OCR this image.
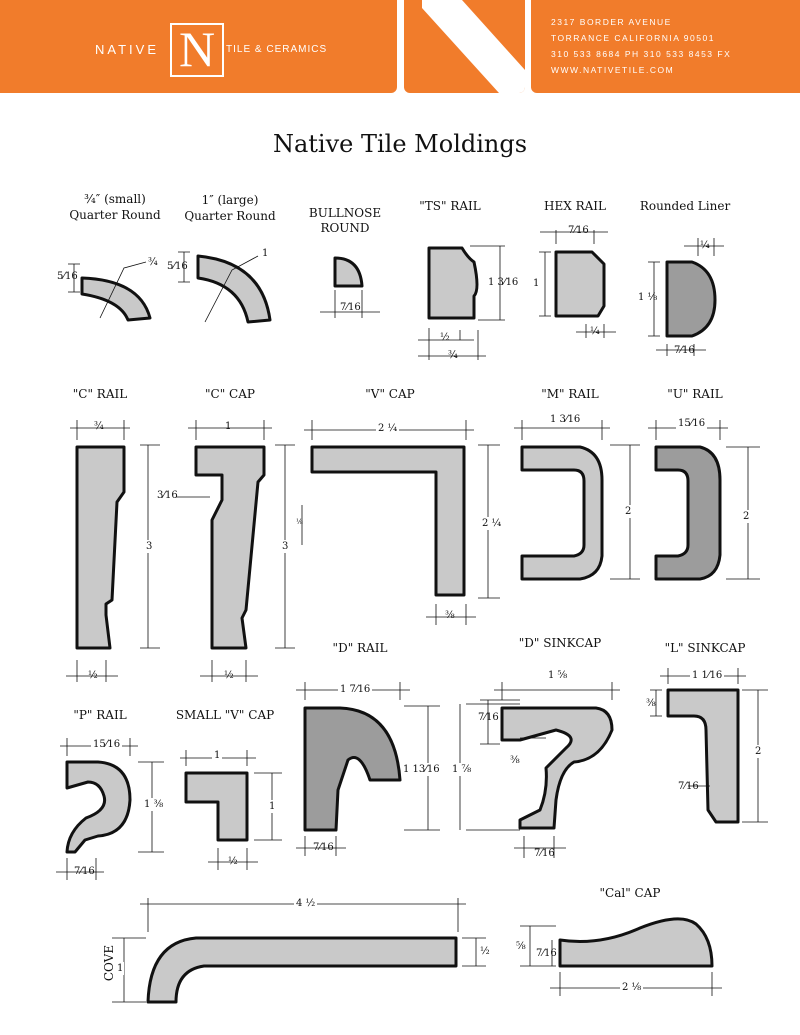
NATIVE N	TILE & CERAMICS
2317 BORDER AVENUE
TORRANCE CALIFORNIA 90501
310 533 8684 PH 310 533 8453 FX
WWW.NATIVETILE.COM
Native Tile Moldings
¾″ (small)
Quarter Round
1″ (large)
Quarter Round	BULLNOSE
ROUND
"TS" RAIL	HEX RAIL	Rounded Liner
"C" RAIL	"C" CAP	"V" CAP	"M" RAIL	"U" RAIL
"D" RAIL	"D" SINKCAP	"L" SINKCAP
"P" RAIL	SMALL "V" CAP
COVE
"Cal" CAP
5⁄16
¾ 5⁄16
1
7⁄16
1 3⁄16
½
¾
7⁄16
1
¼
¼
1 ⅛
7⁄16
¾
3
½
1
3⁄16
3
½
2 ¼
2 ¼
⅛
⅜
1 3⁄16
2
15⁄16
2
1 7⁄16
1 13⁄16
7⁄16
1 ⅝
7⁄16
1 ⅞
⅜
7⁄16
1 1⁄16
⅜
2
7⁄16
15⁄16
1 ⅜
7⁄16
1
1
½
4 ½
1
½	⅝
7⁄16
2 ⅛
